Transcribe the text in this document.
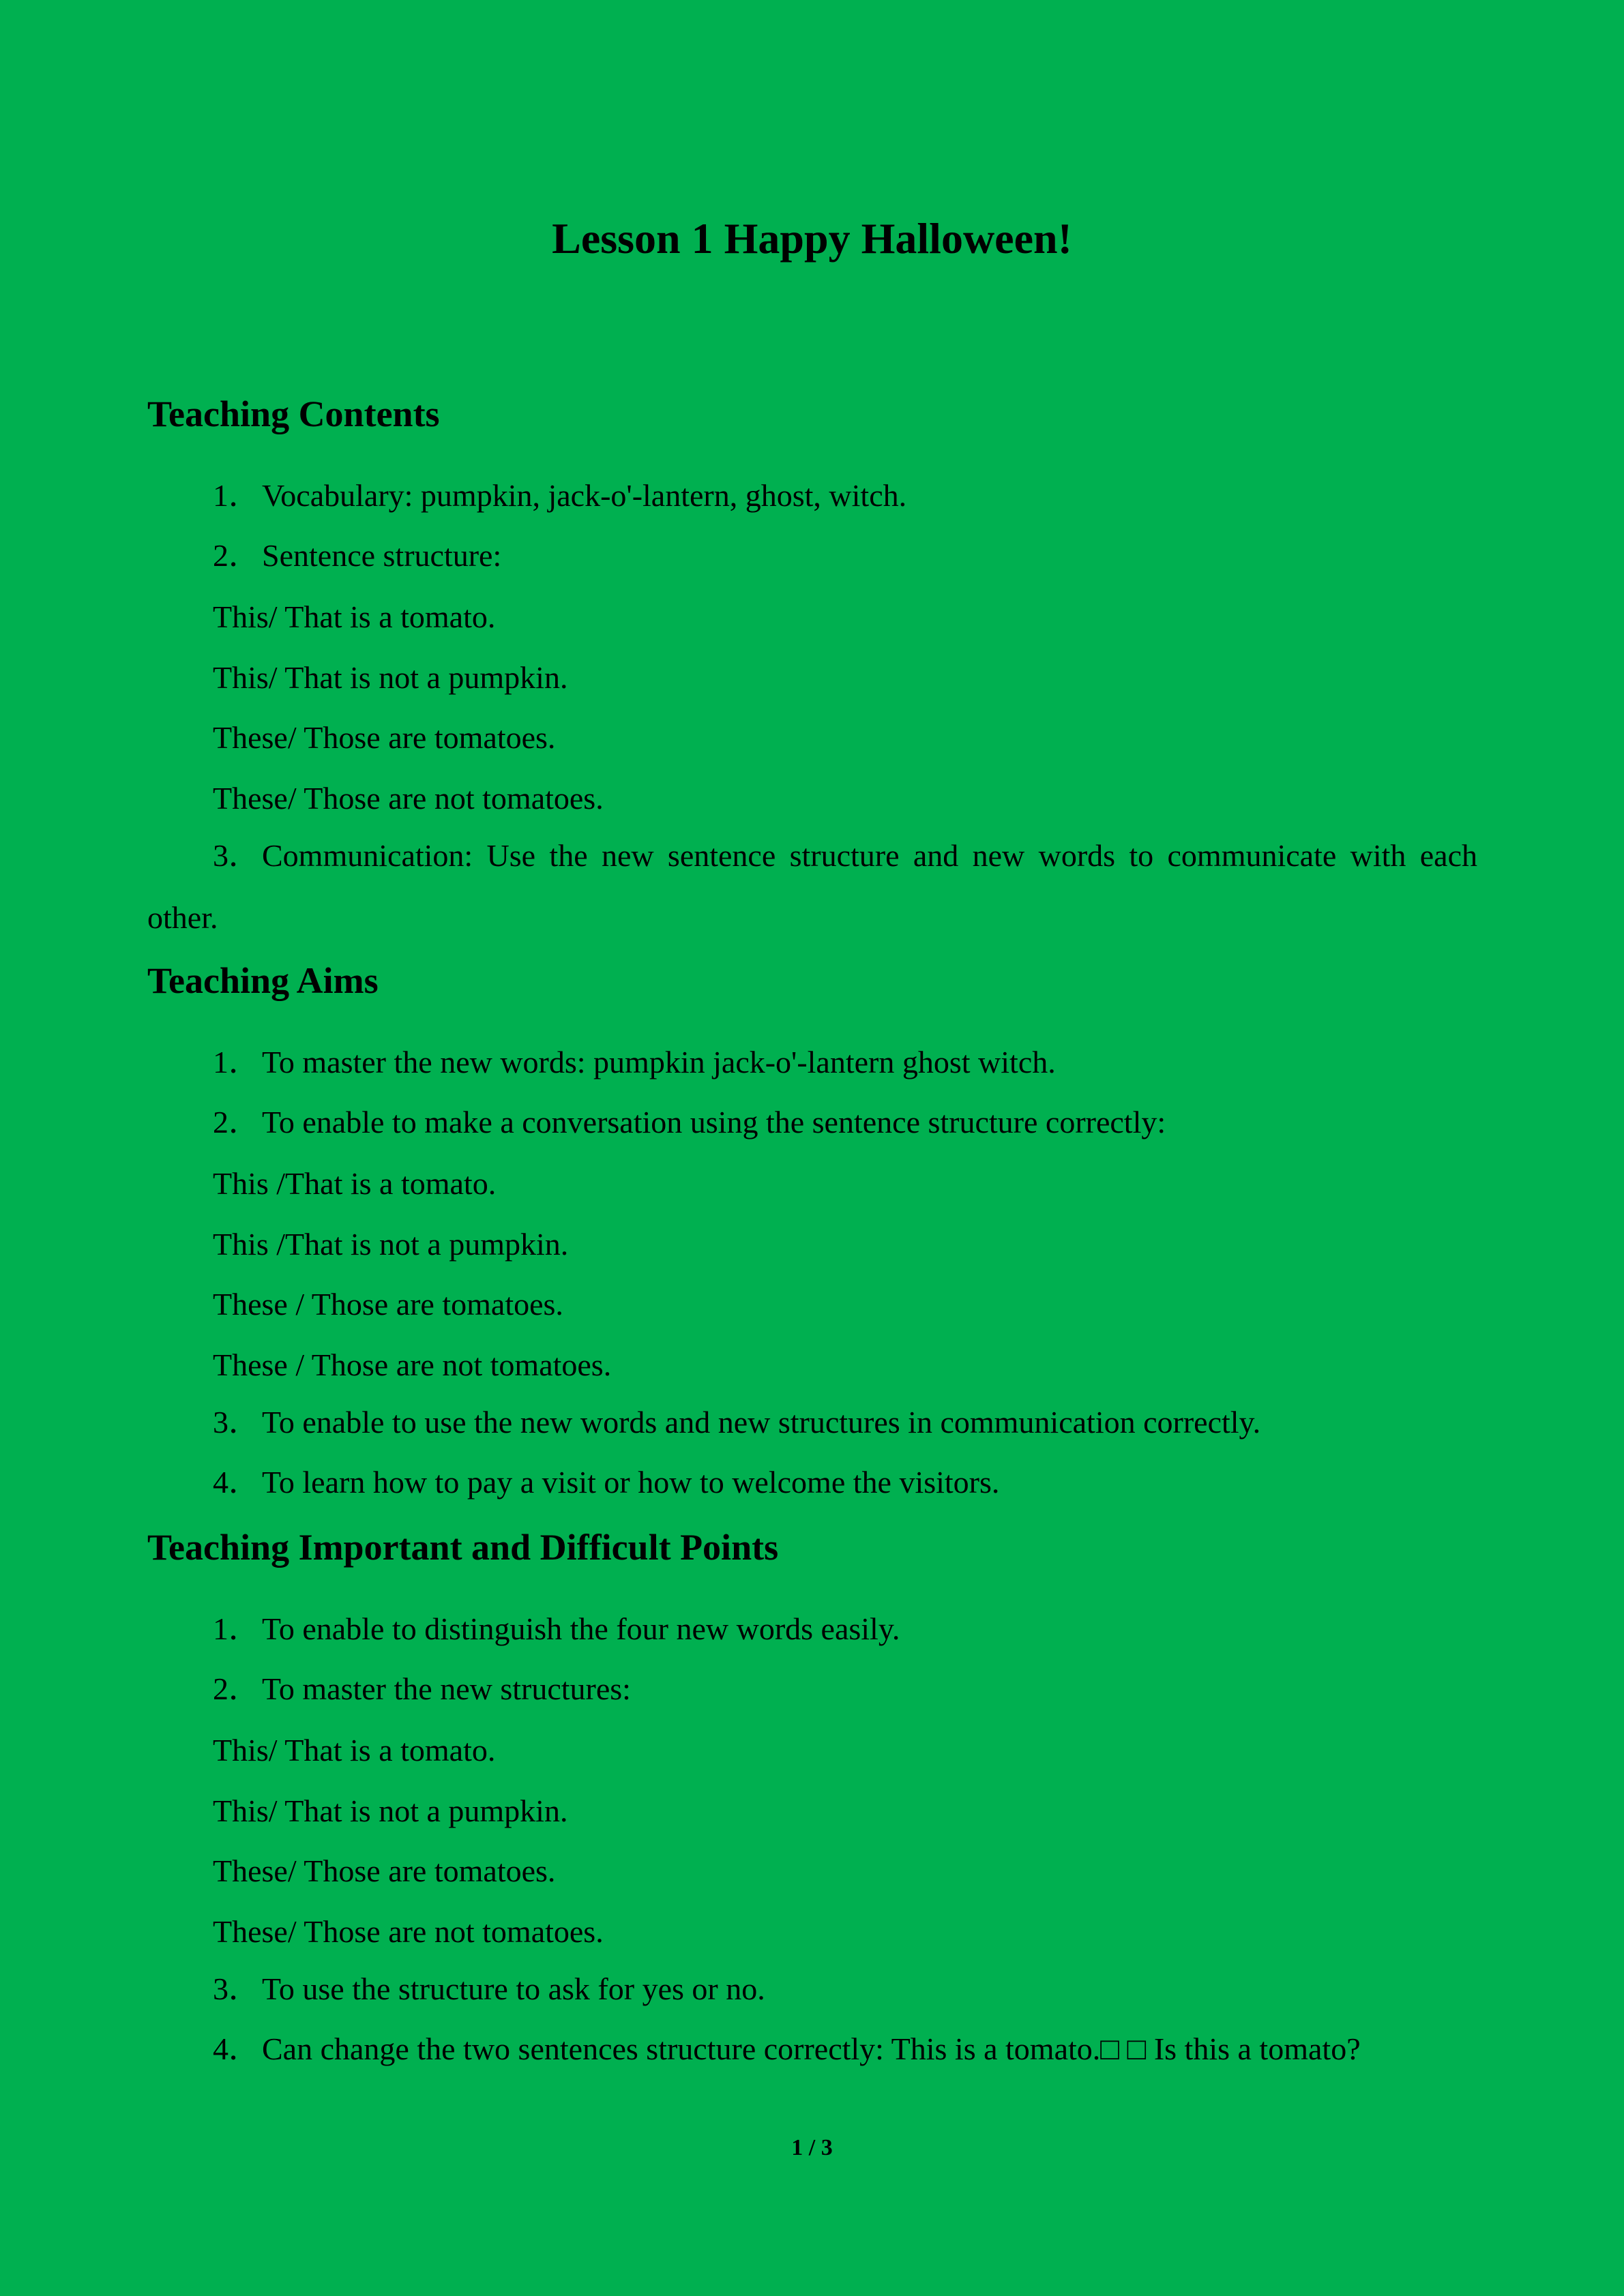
Lesson 1 Happy Halloween!
Teaching Contents

1．Vocabulary: pumpkin, jack-o'-lantern, ghost, witch.

2．Sentence structure:

This/ That is a tomato.

This/ That is not a pumpkin.

These/ Those are tomatoes.

These/ Those are not tomatoes.

3．Communication: Use the new sentence structure and new words to communicate with each

other.

Teaching Aims

1．To master the new words: pumpkin jack-o'-lantern ghost witch.

2．To enable to make a conversation using the sentence structure correctly:

This /That is a tomato.

This /That is not a pumpkin.

These / Those are tomatoes.

These / Those are not tomatoes.

3．To enable to use the new words and new structures in communication correctly.

4．To learn how to pay a visit or how to welcome the visitors.

Teaching Important and Difficult Points

1．To enable to distinguish the four new words easily.

2．To master the new structures:

This/ That is a tomato.

This/ That is not a pumpkin.

These/ Those are tomatoes.

These/ Those are not tomatoes.

3．To use the structure to ask for yes or no.

4．Can change the two sentences structure correctly: This is a tomato.□ □ Is this a tomato?

1 / 3
